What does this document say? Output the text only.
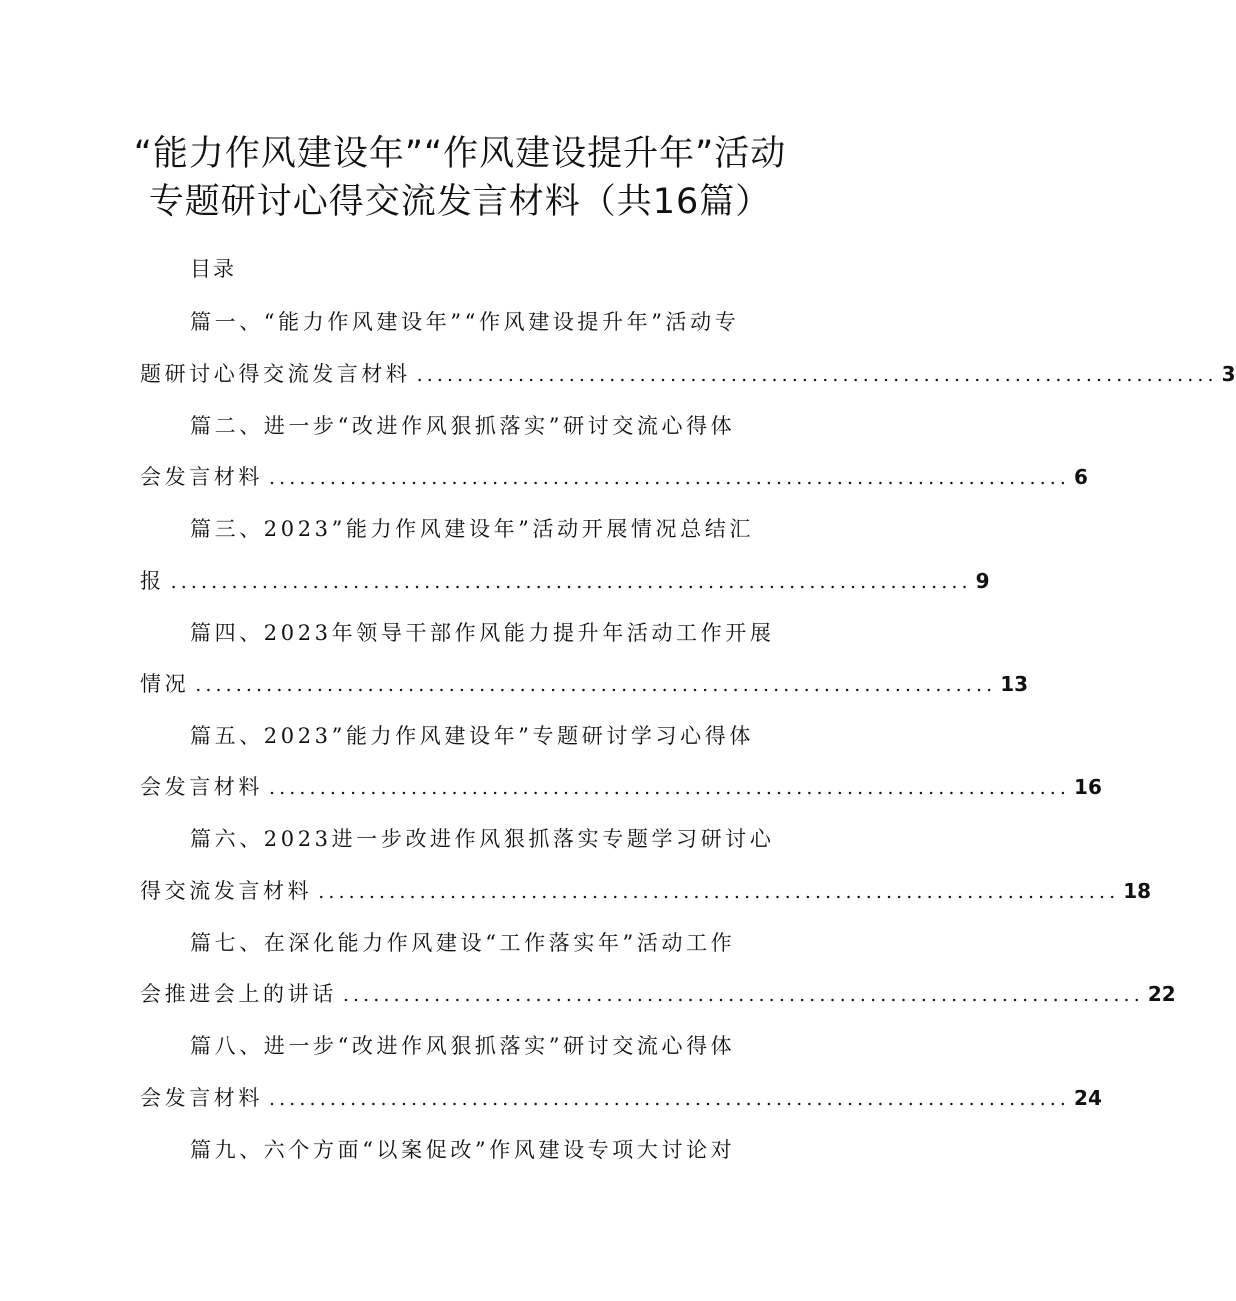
“能力作风建设年”“作风建设提升年”活动
专题研讨心得交流发言材料（共16篇）
目录
篇一、“能力作风建设年”“作风建设提升年”活动专
题研讨心得交流发言材料 ............................................................................... 3
篇二、进一步“改进作风狠抓落实”研讨交流心得体
会发言材料 ............................................................................... 6
篇三、2023”能力作风建设年”活动开展情况总结汇
报 ............................................................................... 9
篇四、2023年领导干部作风能力提升年活动工作开展
情况 ............................................................................... 13
篇五、2023”能力作风建设年”专题研讨学习心得体
会发言材料 ............................................................................... 16
篇六、2023进一步改进作风狠抓落实专题学习研讨心
得交流发言材料 ............................................................................... 18
篇七、在深化能力作风建设“工作落实年”活动工作
会推进会上的讲话 ............................................................................... 22
篇八、进一步“改进作风狠抓落实”研讨交流心得体
会发言材料 ............................................................................... 24
篇九、六个方面“以案促改”作风建设专项大讨论对
